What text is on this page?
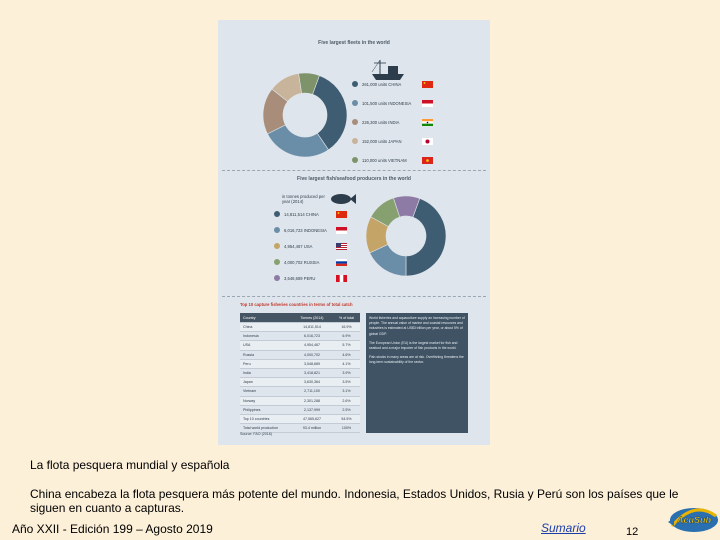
Five largest fleets in the world
261,000 units CHINA
101,500 units INDONESIA
226,300 units INDIA
152,000 units JAPAN
110,000 units VIETNAM
Five largest fish/seafood producers in the world
in tonnes produced per year (2014)
14,811,514 CHINA
6,016,723 INDONESIA
4,954,467 USA
4,000,702 RUSSIA
3,548,689 PERU
Top 10 capture fisheries countries in terms of total catch
Country	Tonnes (2014)	% of total
China	14,811,514	16.9%
Indonesia	6,016,723	6.9%
USA	4,954,467	5.7%
Russia	4,000,702	4.6%
Peru	3,548,689	4.1%
India	3,418,821	3.9%
Japan	3,630,364	3.5%
Vietnam	2,711,100	3.1%
Norway	2,301,288	2.6%
Philippines	2,137,999	2.5%
Top 10 countries	47,565,627	54.5%
Total world production	93.4 million	100%
Source: FAO (2016)
World fisheries and aquaculture supply an increasing number of people. The annual value of marine and coastal resources and industries is estimated at US$3 trillion per year, or about 5% of global GDP.
The European Union (EU) is the largest market for fish and seafood and a major importer of fish products in the world.
Fish stocks in many areas are at risk. Overfishing threatens the long-term sustainability of the sector.
La flota pesquera mundial y española
China encabeza la flota pesquera más potente del mundo. Indonesia, Estados Unidos, Rusia y Perú son los países que le siguen en cuanto a capturas.
Año XXII - Edición 199 – Agosto 2019	Sumario	12
AcuSub
